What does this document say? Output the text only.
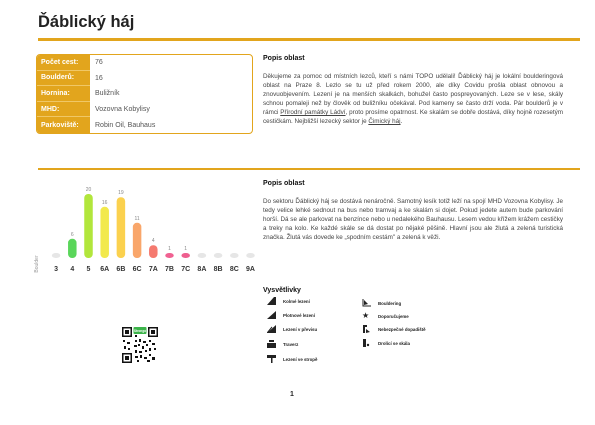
Ďáblický háj
Počet cest:	76
Boulderů:	16
Hornina:	Buližník
MHD:	Vozovna Kobylisy
Parkoviště:	Robin Oil, Bauhaus
Popis oblast
Děkujeme za pomoc od místních lezců, kteří s námi TOPO udělali! Ďáblický háj je lokální boulderingová oblast na Praze 8. Lezlo se tu už před rokem 2000, ale díky Covidu prošla oblast obnovou a znovuobjevením. Lezení je na menších skalkách, bohužel často pospreyovaných. Leze se v lese, skály schnou pomaleji než by člověk od buližníku očekával. Pod kameny se často drží voda. Pár boulderů je v rámci Přírodní památky Ládví, proto prosíme opatrnost. Ke skalám se dobře dostává, díky hojně rozesetým cestičkám. Nejbližší lezecký sektor je Čimický háj.
Popis oblast
Do sektoru Ďáblický háj se dostává nenáročně. Samotný lesík totiž leží na spojí MHD Vozovna Kobylisy. Je tedy velice lehké sednout na bus nebo tramvaj a ke skalám si dojet. Pokud jedete autem bude parkování horší. Dá se ale parkovat na benzínce nebo u nedalekého Bauhausu. Lesem vedou křížem krážem cestičky a treky na kolo. Ke každé skále se dá dostat po nějaké pěšině. Hlavní jsou ale žlutá a zelená turistická značka. Žlutá vás dovede ke „spodním cestám" a zelená k věži.
Boulder 3
6
4
20
5
16
6A
19
6B
11
6C
4
7A
1
7B
1
7C 8A 8B 8C 9A
Vysvětlivky
Kolmé lezení	Bouldering
Plotnové lezení	★	Doporučujeme
Lezení v převisu	Nebezpečné dopadiště
Traverz	Drolící se skála
Lezení ve stropě
Strongo
1
